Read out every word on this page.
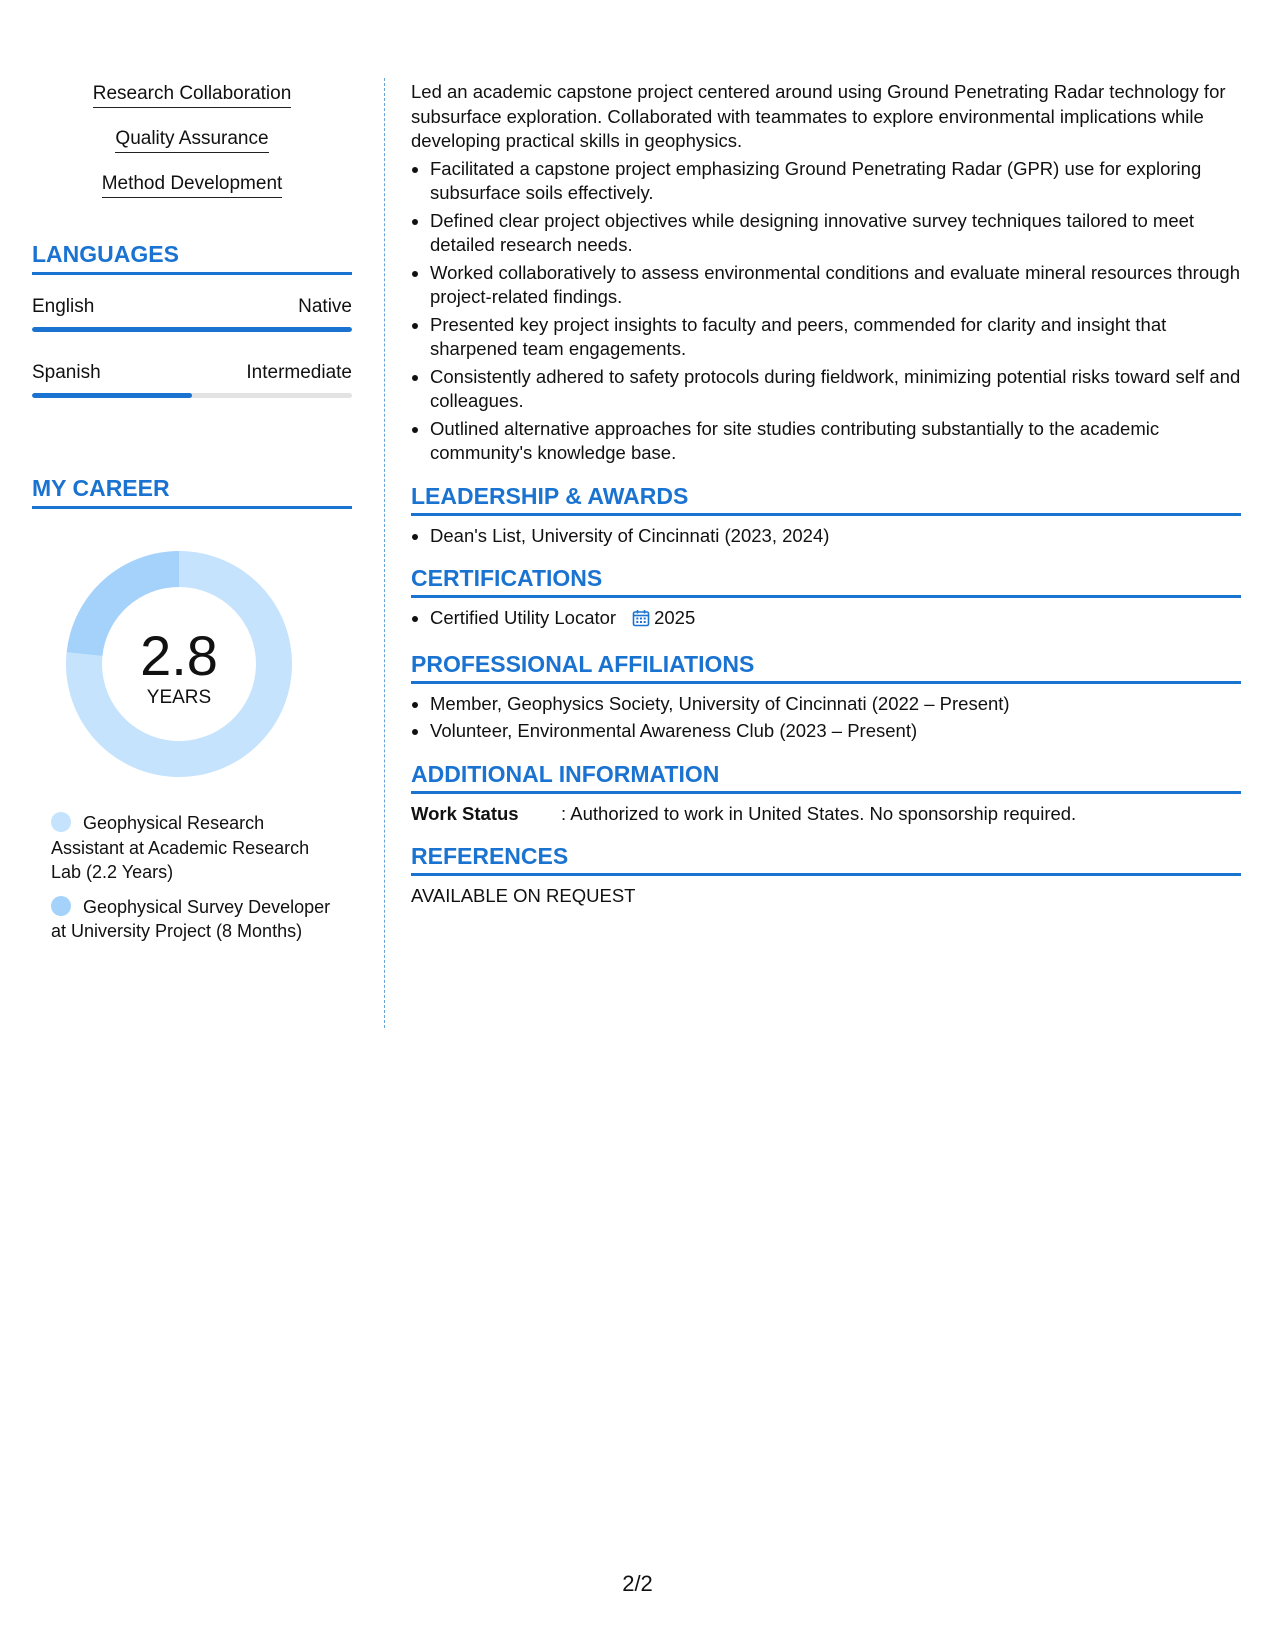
Research Collaboration
Quality Assurance
Method Development
LANGUAGES
English	Native
Spanish	Intermediate
MY CAREER
2.8
YEARS
Geophysical Research Assistant at Academic Research Lab (2.2 Years)
Geophysical Survey Developer at University Project (8 Months)

Led an academic capstone project centered around using Ground Penetrating Radar technology for subsurface exploration. Collaborated with teammates to explore environmental implications while developing practical skills in geophysics.

• Facilitated a capstone project emphasizing Ground Penetrating Radar (GPR) use for exploring subsurface soils effectively.
• Defined clear project objectives while designing innovative survey techniques tailored to meet detailed research needs.
• Worked collaboratively to assess environmental conditions and evaluate mineral resources through project-related findings.
• Presented key project insights to faculty and peers, commended for clarity and insight that sharpened team engagements.
• Consistently adhered to safety protocols during fieldwork, minimizing potential risks toward self and colleagues.
• Outlined alternative approaches for site studies contributing substantially to the academic community's knowledge base.
LEADERSHIP & AWARDS
• Dean's List, University of Cincinnati (2023, 2024)
CERTIFICATIONS
• Certified Utility Locator 2025
PROFESSIONAL AFFILIATIONS
• Member, Geophysics Society, University of Cincinnati (2022 – Present)
• Volunteer, Environmental Awareness Club (2023 – Present)
ADDITIONAL INFORMATION
Work Status	: Authorized to work in United States. No sponsorship required.
REFERENCES
AVAILABLE ON REQUEST
2/2
